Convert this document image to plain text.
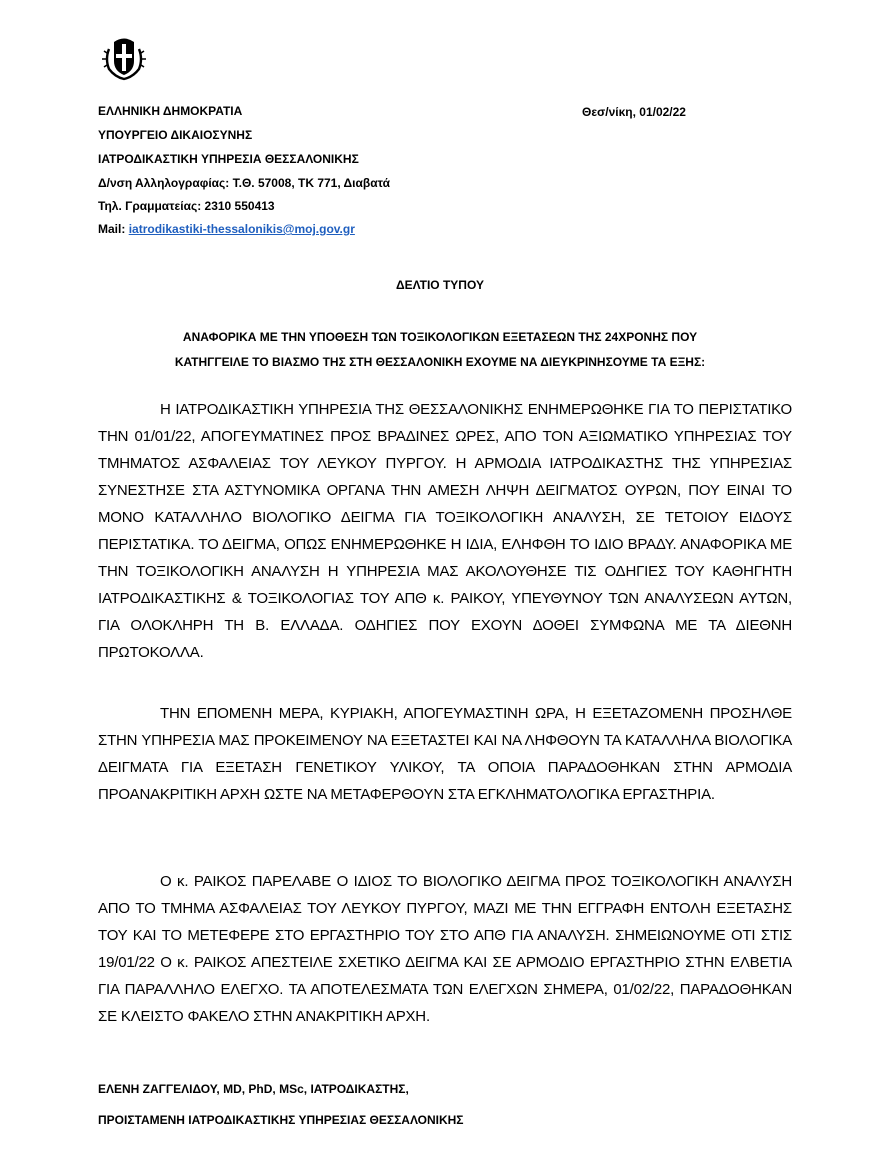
ΕΛΛΗΝΙΚΗ ΔΗΜΟΚΡΑΤΙΑ	Θεσ/νίκη, 01/02/22
ΥΠΟΥΡΓΕΙΟ ΔΙΚΑΙΟΣΥΝΗΣ
ΙΑΤΡΟΔΙΚΑΣΤΙΚΗ ΥΠΗΡΕΣΙΑ ΘΕΣΣΑΛΟΝΙΚΗΣ
Δ/νση Αλληλογραφίας: Τ.Θ. 57008, ΤΚ 771, Διαβατά
Τηλ. Γραμματείας: 2310 550413
Mail: iatrodikastiki-thessalonikis@moj.gov.gr
ΔΕΛΤΙΟ ΤΥΠΟΥ
ΑΝΑΦΟΡΙΚΑ ΜΕ ΤΗΝ ΥΠΟΘΕΣΗ ΤΩΝ ΤΟΞΙΚΟΛΟΓΙΚΩΝ ΕΞΕΤΑΣΕΩΝ ΤΗΣ 24ΧΡΟΝΗΣ ΠΟΥ
ΚΑΤΗΓΓΕΙΛΕ ΤΟ ΒΙΑΣΜΟ ΤΗΣ ΣΤΗ ΘΕΣΣΑΛΟΝΙΚΗ ΕΧΟΥΜΕ ΝΑ ΔΙΕΥΚΡΙΝΗΣΟΥΜΕ ΤΑ ΕΞΗΣ:

Η ΙΑΤΡΟΔΙΚΑΣΤΙΚΗ ΥΠΗΡΕΣΙΑ ΤΗΣ ΘΕΣΣΑΛΟΝΙΚΗΣ ΕΝΗΜΕΡΩΘΗΚΕ ΓΙΑ ΤΟ ΠΕΡΙΣΤΑΤΙΚΟ ΤΗΝ 01/01/22, ΑΠΟΓΕΥΜΑΤΙΝΕΣ ΠΡΟΣ ΒΡΑΔΙΝΕΣ ΩΡΕΣ, ΑΠΟ ΤΟΝ ΑΞΙΩΜΑΤΙΚΟ ΥΠΗΡΕΣΙΑΣ ΤΟΥ ΤΜΗΜΑΤΟΣ ΑΣΦΑΛΕΙΑΣ ΤΟΥ ΛΕΥΚΟΥ ΠΥΡΓΟΥ. Η ΑΡΜΟΔΙΑ ΙΑΤΡΟΔΙΚΑΣΤΗΣ ΤΗΣ ΥΠΗΡΕΣΙΑΣ ΣΥΝΕΣΤΗΣΕ ΣΤΑ ΑΣΤΥΝΟΜΙΚΑ ΟΡΓΑΝΑ ΤΗΝ ΑΜΕΣΗ ΛΗΨΗ ΔΕΙΓΜΑΤΟΣ ΟΥΡΩΝ, ΠΟΥ ΕΙΝΑΙ ΤΟ ΜΟΝΟ ΚΑΤΑΛΛΗΛΟ ΒΙΟΛΟΓΙΚΟ ΔΕΙΓΜΑ ΓΙΑ ΤΟΞΙΚΟΛΟΓΙΚΗ ΑΝΑΛΥΣΗ, ΣΕ ΤΕΤΟΙΟΥ ΕΙΔΟΥΣ ΠΕΡΙΣΤΑΤΙΚΑ. ΤΟ ΔΕΙΓΜΑ, ΟΠΩΣ ΕΝΗΜΕΡΩΘΗΚΕ Η ΙΔΙΑ, ΕΛΗΦΘΗ ΤΟ ΙΔΙΟ ΒΡΑΔΥ. ΑΝΑΦΟΡΙΚΑ ΜΕ ΤΗΝ ΤΟΞΙΚΟΛΟΓΙΚΗ ΑΝΑΛΥΣΗ Η ΥΠΗΡΕΣΙΑ ΜΑΣ ΑΚΟΛΟΥΘΗΣΕ ΤΙΣ ΟΔΗΓΙΕΣ ΤΟΥ ΚΑΘΗΓΗΤΗ ΙΑΤΡΟΔΙΚΑΣΤΙΚΗΣ & ΤΟΞΙΚΟΛΟΓΙΑΣ ΤΟΥ ΑΠΘ κ. ΡΑΙΚΟΥ, ΥΠΕΥΘΥΝΟΥ ΤΩΝ ΑΝΑΛΥΣΕΩΝ ΑΥΤΩΝ, ΓΙΑ ΟΛΟΚΛΗΡΗ ΤΗ Β. ΕΛΛΑΔΑ. ΟΔΗΓΙΕΣ ΠΟΥ ΕΧΟΥΝ ΔΟΘΕΙ ΣΥΜΦΩΝΑ ΜΕ ΤΑ ΔΙΕΘΝΗ ΠΡΩΤΟΚΟΛΛΑ.

ΤΗΝ ΕΠΟΜΕΝΗ ΜΕΡΑ, ΚΥΡΙΑΚΗ, ΑΠΟΓΕΥΜΑΣΤΙΝΗ ΩΡΑ, Η ΕΞΕΤΑΖΟΜΕΝΗ ΠΡΟΣΗΛΘΕ ΣΤΗΝ ΥΠΗΡΕΣΙΑ ΜΑΣ ΠΡΟΚΕΙΜΕΝΟΥ ΝΑ ΕΞΕΤΑΣΤΕΙ ΚΑΙ ΝΑ ΛΗΦΘΟΥΝ ΤΑ ΚΑΤΑΛΛΗΛΑ ΒΙΟΛΟΓΙΚΑ ΔΕΙΓΜΑΤΑ ΓΙΑ ΕΞΕΤΑΣΗ ΓΕΝΕΤΙΚΟΥ ΥΛΙΚΟΥ, ΤΑ ΟΠΟΙΑ ΠΑΡΑΔΟΘΗΚΑΝ ΣΤΗΝ ΑΡΜΟΔΙΑ ΠΡΟΑΝΑΚΡΙΤΙΚΗ ΑΡΧΗ ΩΣΤΕ ΝΑ ΜΕΤΑΦΕΡΘΟΥΝ ΣΤΑ ΕΓΚΛΗΜΑΤΟΛΟΓΙΚΑ ΕΡΓΑΣΤΗΡΙΑ.

Ο κ. ΡΑΙΚΟΣ ΠΑΡΕΛΑΒΕ Ο ΙΔΙΟΣ ΤΟ ΒΙΟΛΟΓΙΚΟ ΔΕΙΓΜΑ ΠΡΟΣ ΤΟΞΙΚΟΛΟΓΙΚΗ ΑΝΑΛΥΣΗ ΑΠΟ ΤΟ ΤΜΗΜΑ ΑΣΦΑΛΕΙΑΣ ΤΟΥ ΛΕΥΚΟΥ ΠΥΡΓΟΥ, ΜΑΖΙ ΜΕ ΤΗΝ ΕΓΓΡΑΦΗ ΕΝΤΟΛΗ ΕΞΕΤΑΣΗΣ ΤΟΥ ΚΑΙ ΤΟ ΜΕΤΕΦΕΡΕ ΣΤΟ ΕΡΓΑΣΤΗΡΙΟ ΤΟΥ ΣΤΟ ΑΠΘ ΓΙΑ ΑΝΑΛΥΣΗ. ΣΗΜΕΙΩΝΟΥΜΕ ΟΤΙ ΣΤΙΣ 19/01/22 Ο κ. ΡΑΙΚΟΣ ΑΠΕΣΤΕΙΛΕ ΣΧΕΤΙΚΟ ΔΕΙΓΜΑ ΚΑΙ ΣΕ ΑΡΜΟΔΙΟ ΕΡΓΑΣΤΗΡΙΟ ΣΤΗΝ ΕΛΒΕΤΙΑ ΓΙΑ ΠΑΡΑΛΛΗΛΟ ΕΛΕΓΧΟ. ΤΑ ΑΠΟΤΕΛΕΣΜΑΤΑ ΤΩΝ ΕΛΕΓΧΩΝ ΣΗΜΕΡΑ, 01/02/22, ΠΑΡΑΔΟΘΗΚΑΝ ΣΕ ΚΛΕΙΣΤΟ ΦΑΚΕΛΟ ΣΤΗΝ ΑΝΑΚΡΙΤΙΚΗ ΑΡΧΗ.

ΕΛΕΝΗ ΖΑΓΓΕΛΙΔΟΥ, MD, PhD, MSc, ΙΑΤΡΟΔΙΚΑΣΤΗΣ,
ΠΡΟΙΣΤΑΜΕΝΗ ΙΑΤΡΟΔΙΚΑΣΤΙΚΗΣ ΥΠΗΡΕΣΙΑΣ ΘΕΣΣΑΛΟΝΙΚΗΣ
